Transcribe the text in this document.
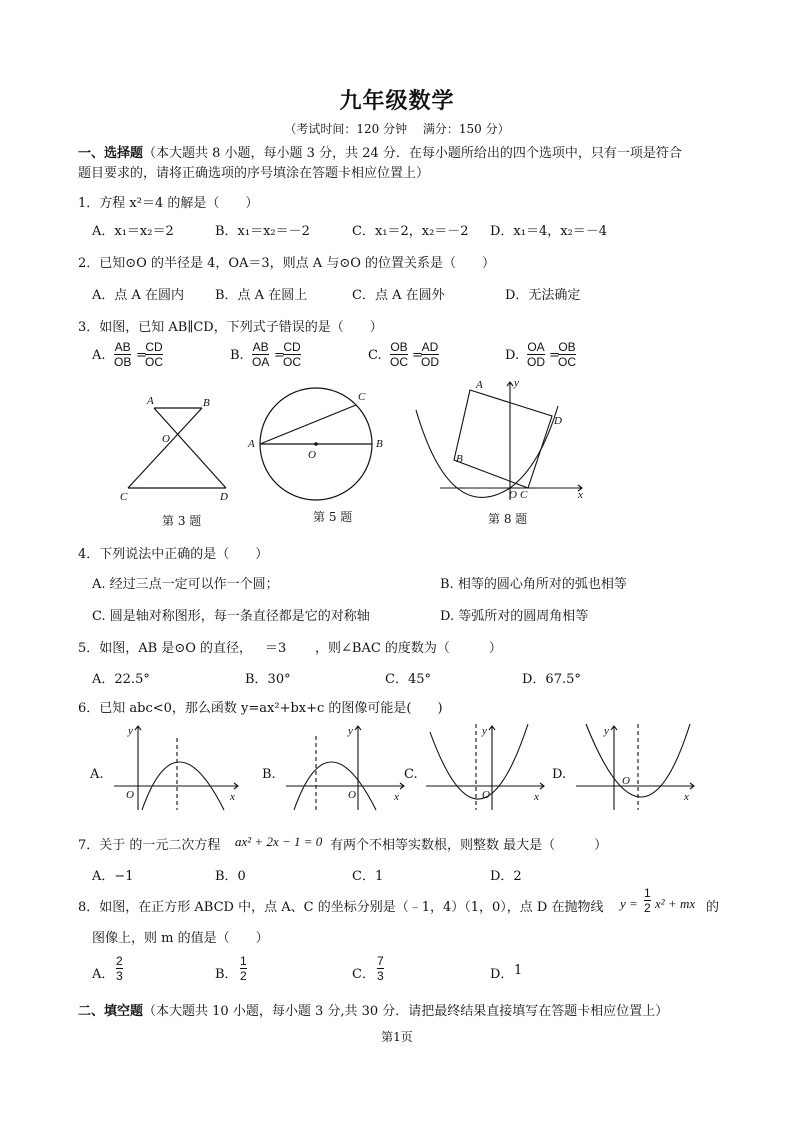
九年级数学
（考试时间：120 分钟　 满分：150 分）
一、选择题（本大题共 8 小题，每小题 3 分，共 24 分．在每小题所给出的四个选项中，只有一项是符合
题目要求的，请将正确选项的序号填涂在答题卡相应位置上）
1．方程 x²＝4 的解是（　　）
A．x₁＝x₂＝2	B．x₁＝x₂＝－2	C．x₁＝2，x₂＝－2 D．x₁＝4，x₂＝－4
2．已知⊙O 的半径是 4，OA＝3，则点 A 与⊙O 的位置关系是（　　）
A．点 A 在圆内 B．点 A 在圆上	C．点 A 在圆外	D．无法确定
3．如图，已知 AB∥CD，下列式子错误的是（　　）
A.
AB
OB =
CD
OC	B.
AB
OA =
CD
OC	C.
OB
OC =
AD
OD	D.
OA
OD =
OB
OC
A	B
O
C	D
第 3 题
C
A
O
B
第 5 题
A	y
D
B
O C	x
第 8 题
4．下列说法中正确的是（　　）
A. 经过三点一定可以作一个圆；	B. 相等的圆心角所对的弧也相等
C. 圆是轴对称图形，每一条直径都是它的对称轴	D. 等弧所对的圆周角相等
5．如图，AB 是⊙O 的直径， ＝3 ，则∠BAC 的度数为（　　　）
A．22.5°	B．30°	C．45°	D．67.5°
6．已知 abc<0，那么函数 y=ax²+bx+c 的图像可能是(　　)
A.
y
x
O
B.
y
x
O
C.
y
x
O
D.
y
x
O
7．关于 的一元二次方程 ax² + 2x − 1 = 0 有两个不相等实数根，则整数 最大是（　　　）
A．−1	B．0	C．1	D．2
8．如图，在正方形 ABCD 中，点 A、C 的坐标分别是（﹣1，4）（1，0），点 D 在抛物线 y =
1
2 x² + mx 的
图像上，则 m 的值是（　　）
A．
2
3	B．
1
2	C．
7
3	D． 1
二、填空题（本大题共 10 小题，每小题 3 分,共 30 分．请把最终结果直接填写在答题卡相应位置上）
第1页
